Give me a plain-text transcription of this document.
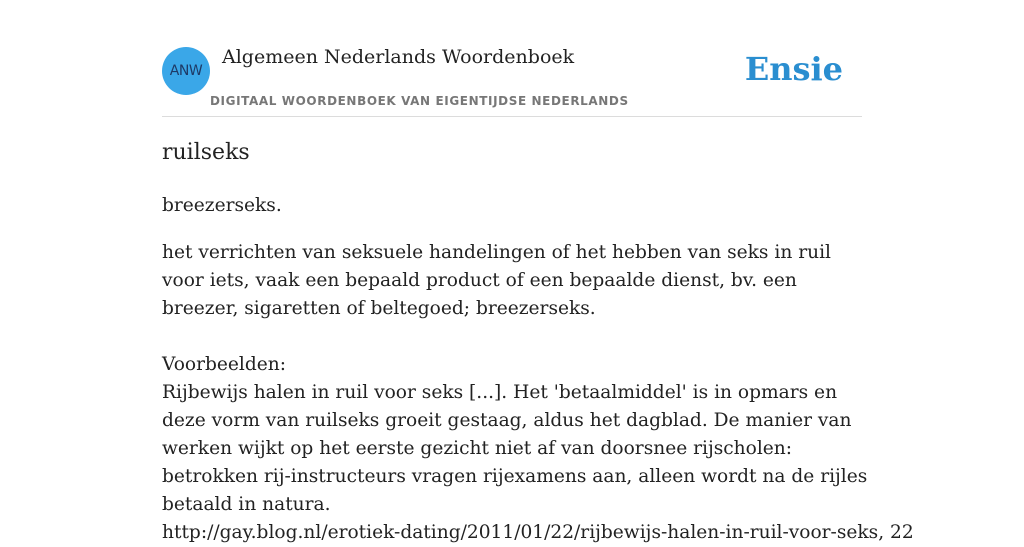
ANW
Algemeen Nederlands Woordenboek
DIGITAAL WOORDENBOEK VAN EIGENTIJDSE NEDERLANDS
Ensie
ruilseks

breezerseks.

het verrichten van seksuele handelingen of het hebben van seks in ruil voor iets, vaak een bepaald product of een bepaalde dienst, bv. een breezer, sigaretten of beltegoed; breezerseks.

Voorbeelden:
Rijbewijs halen in ruil voor seks [...]. Het 'betaalmiddel' is in opmars en deze vorm van ruilseks groeit gestaag, aldus het dagblad. De manier van werken wijkt op het eerste gezicht niet af van doorsnee rijscholen: betrokken rij-instructeurs vragen rijexamens aan, alleen wordt na de rijles betaald in natura.
http://gay.blog.nl/erotiek-dating/2011/01/22/rijbewijs-halen-in-ruil-voor-seks, 22
